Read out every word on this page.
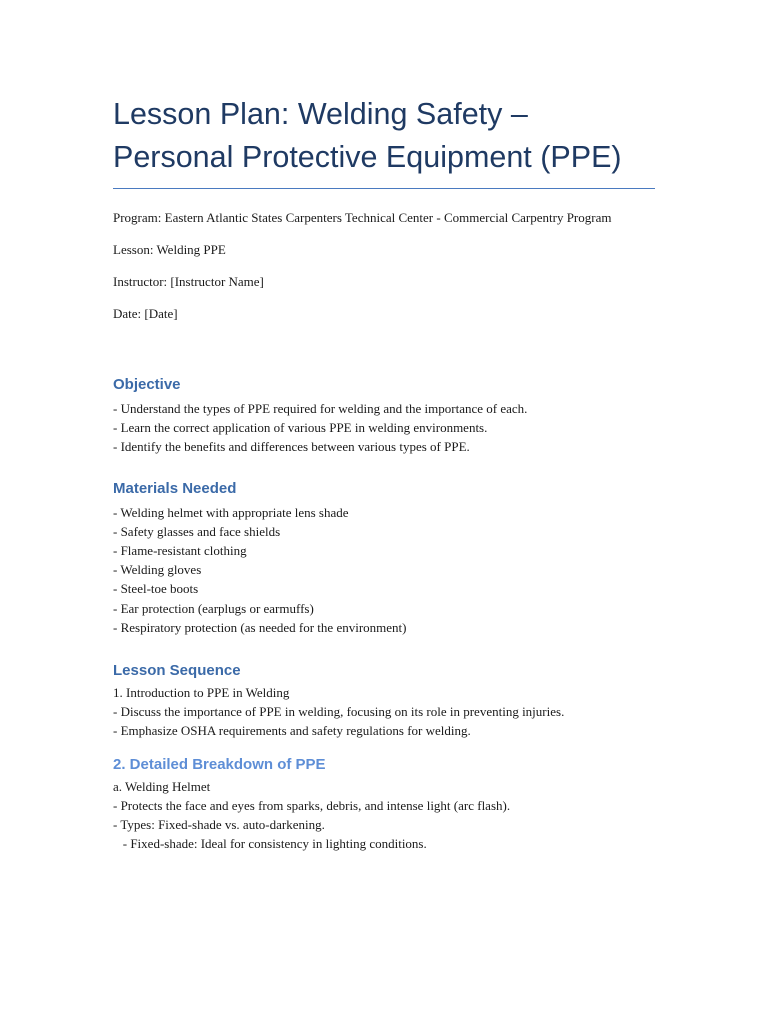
Lesson Plan: Welding Safety – Personal Protective Equipment (PPE)

Program: Eastern Atlantic States Carpenters Technical Center - Commercial Carpentry Program

Lesson: Welding PPE

Instructor: [Instructor Name]

Date: [Date]

Objective

- Understand the types of PPE required for welding and the importance of each.

- Learn the correct application of various PPE in welding environments.

- Identify the benefits and differences between various types of PPE.

Materials Needed

- Welding helmet with appropriate lens shade

- Safety glasses and face shields

- Flame-resistant clothing

- Welding gloves

- Steel-toe boots

- Ear protection (earplugs or earmuffs)

- Respiratory protection (as needed for the environment)

Lesson Sequence

1. Introduction to PPE in Welding

- Discuss the importance of PPE in welding, focusing on its role in preventing injuries.

- Emphasize OSHA requirements and safety regulations for welding.

2. Detailed Breakdown of PPE

a. Welding Helmet

- Protects the face and eyes from sparks, debris, and intense light (arc flash).

- Types: Fixed-shade vs. auto-darkening.

- Fixed-shade: Ideal for consistency in lighting conditions.
